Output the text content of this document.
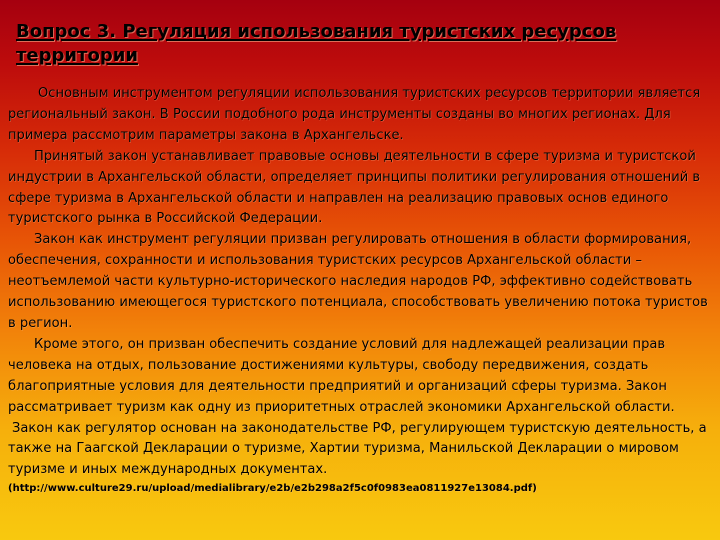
Вопрос 3. Регуляция использования туристских ресурсов территории

Основным инструментом регуляции использования туристских ресурсов территории является региональный закон. В России подобного рода инструменты созданы во многих регионах. Для примера рассмотрим параметры закона в Архангельске.

Принятый закон устанавливает правовые основы деятельности в сфере туризма и туристской индустрии в Архангельской области, определяет принципы политики регулирования отношений в сфере туризма в Архангельской области и направлен на реализацию правовых основ единого туристского рынка в Российской Федерации.

Закон как инструмент регуляции призван регулировать отношения в области формирования, обеспечения, сохранности и использования туристских ресурсов Архангельской области – неотъемлемой части культурно-исторического наследия народов РФ, эффективно содействовать использованию имеющегося туристского потенциала, способствовать увеличению потока туристов в регион.

Кроме этого, он призван обеспечить создание условий для надлежащей реализации прав человека на отдых, пользование достижениями культуры, свободу передвижения, создать благоприятные условия для деятельности предприятий и организаций сферы туризма. Закон рассматривает туризм как одну из приоритетных отраслей экономики Архангельской области.

Закон как регулятор основан на законодательстве РФ, регулирующем туристскую деятельность, а также на Гаагской Декларации о туризме, Хартии туризма, Манильской Декларации о мировом туризме и иных международных документах.

(http://www.culture29.ru/upload/medialibrary/e2b/e2b298a2f5c0f0983ea0811927e13084.pdf)
